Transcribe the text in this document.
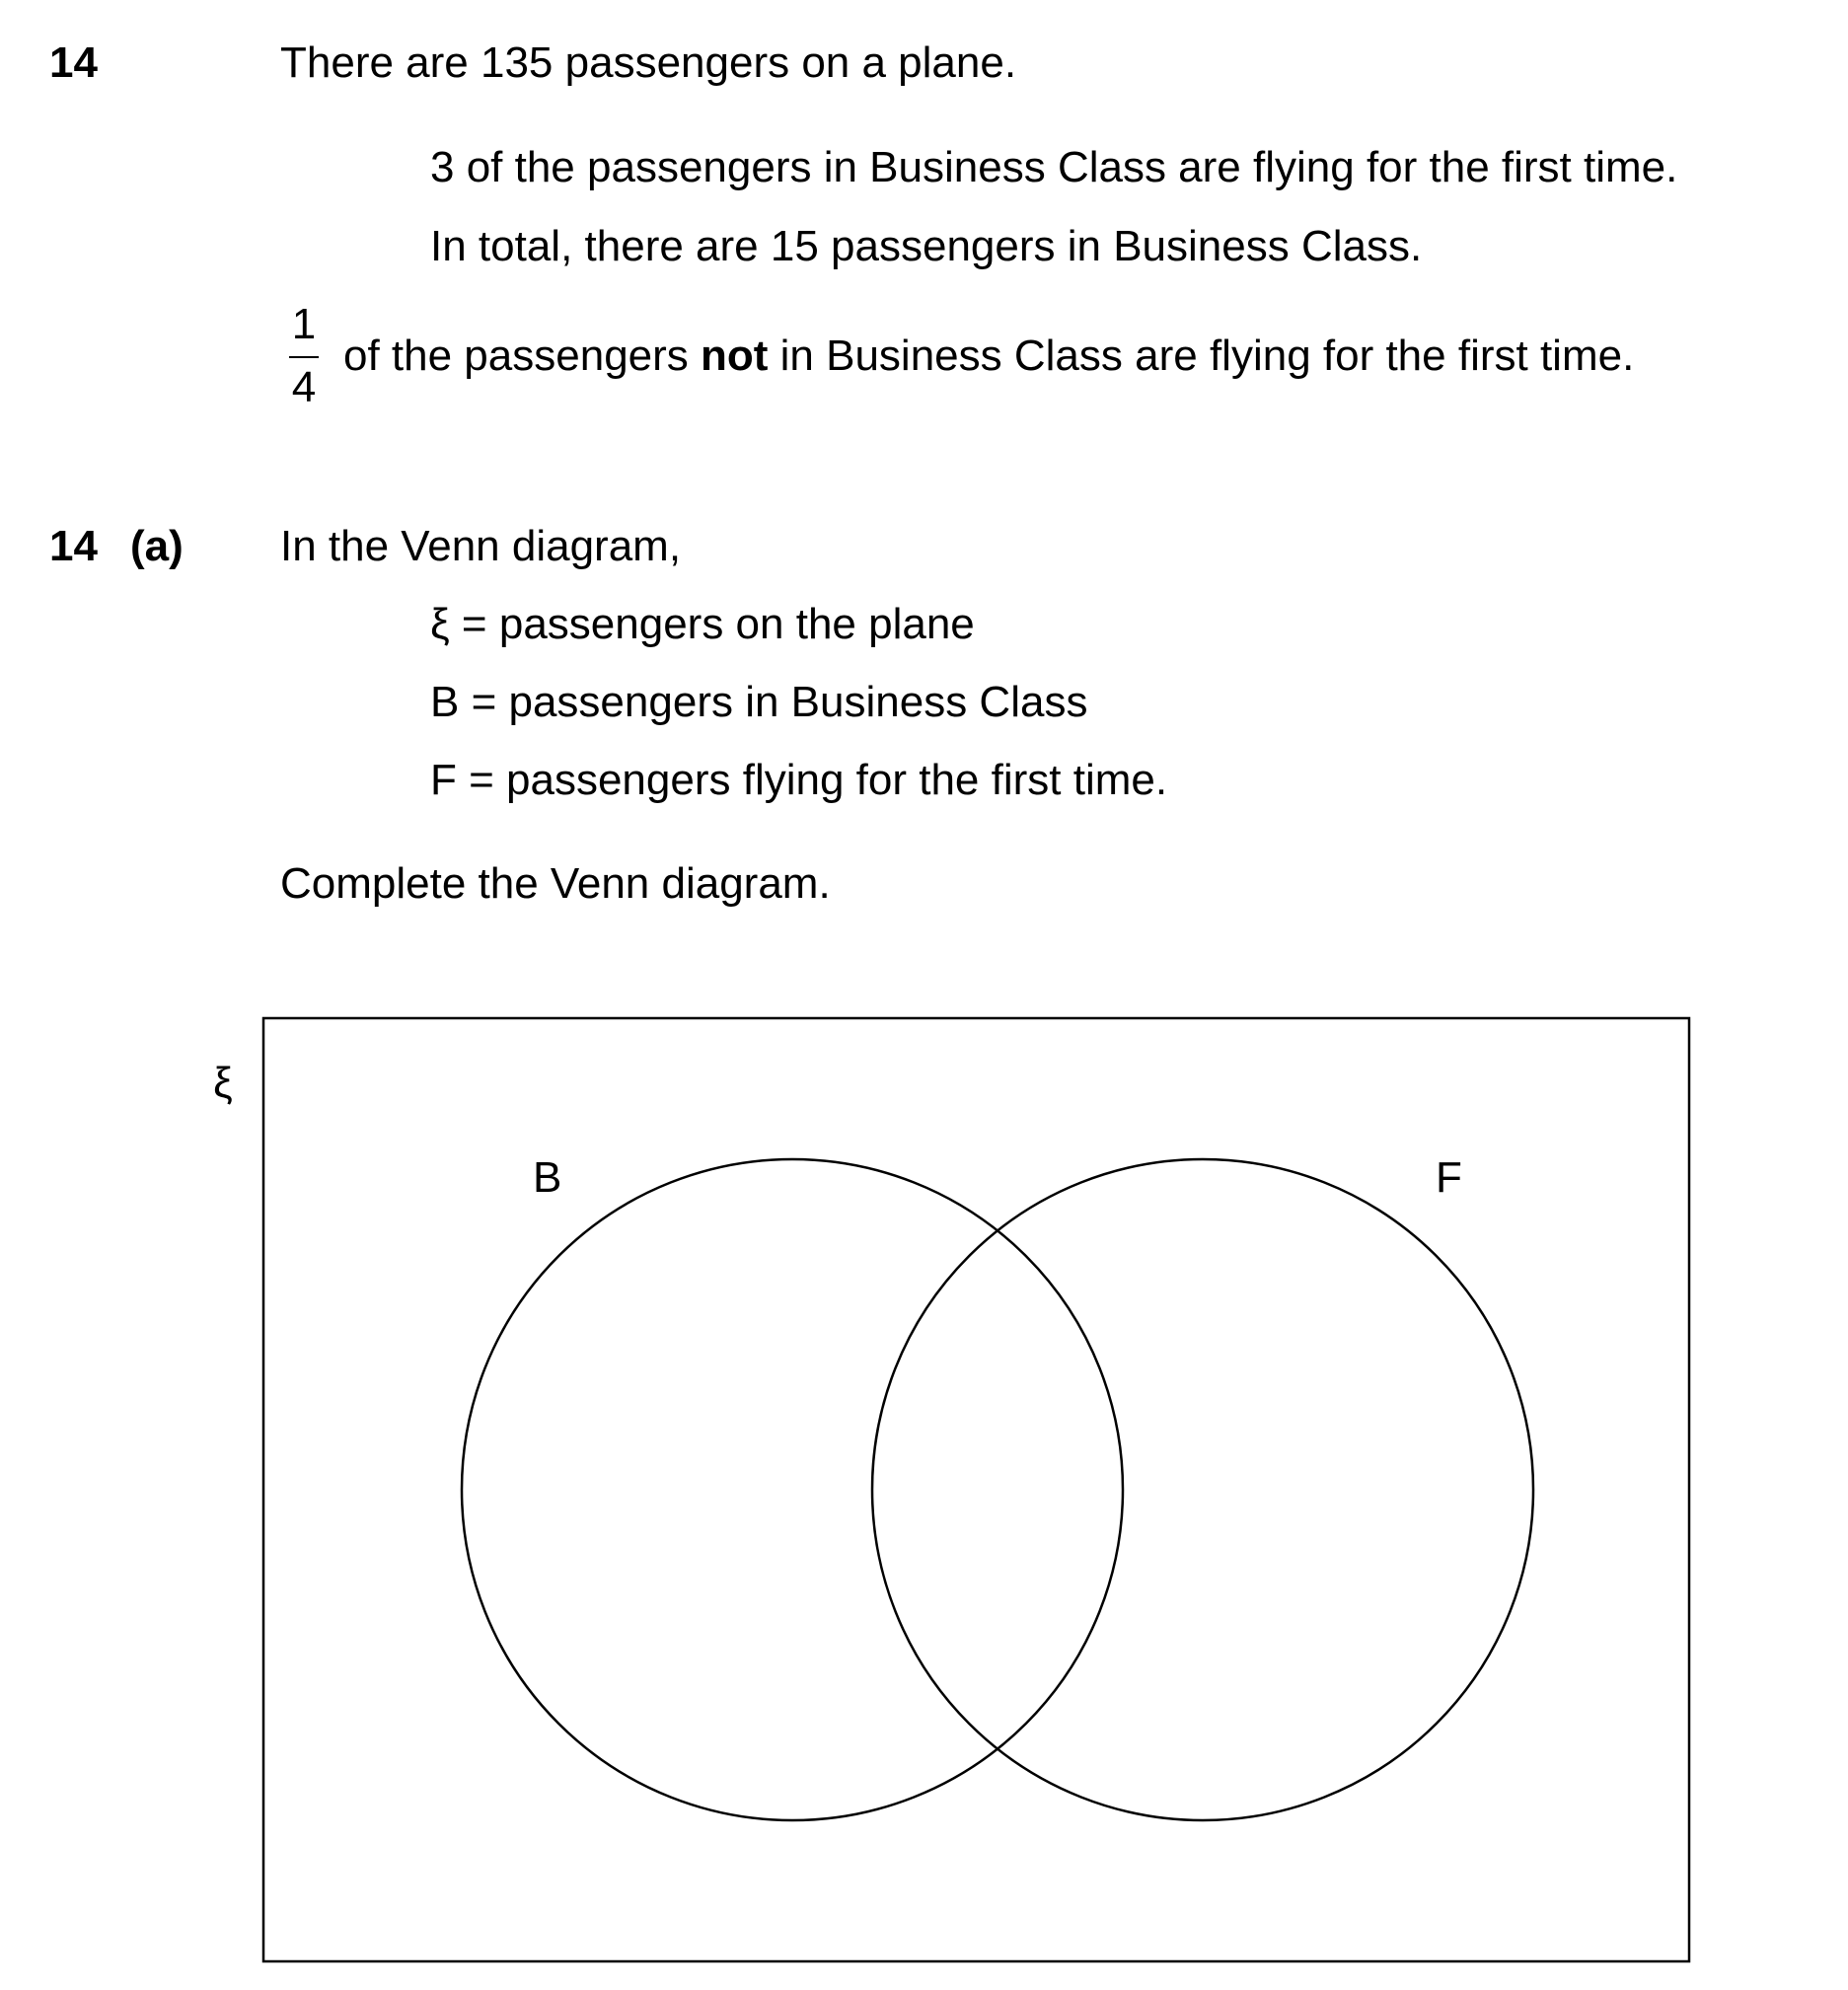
14	There are 135 passengers on a plane.
3 of the passengers in Business Class are flying for the first time.
In total, there are 15 passengers in Business Class.
1
4
of the passengers not in Business Class are flying for the first time.
14 (a) In the Venn diagram,
ξ = passengers on the plane
B = passengers in Business Class
F = passengers flying for the first time.
Complete the Venn diagram.
ξ
B	F
